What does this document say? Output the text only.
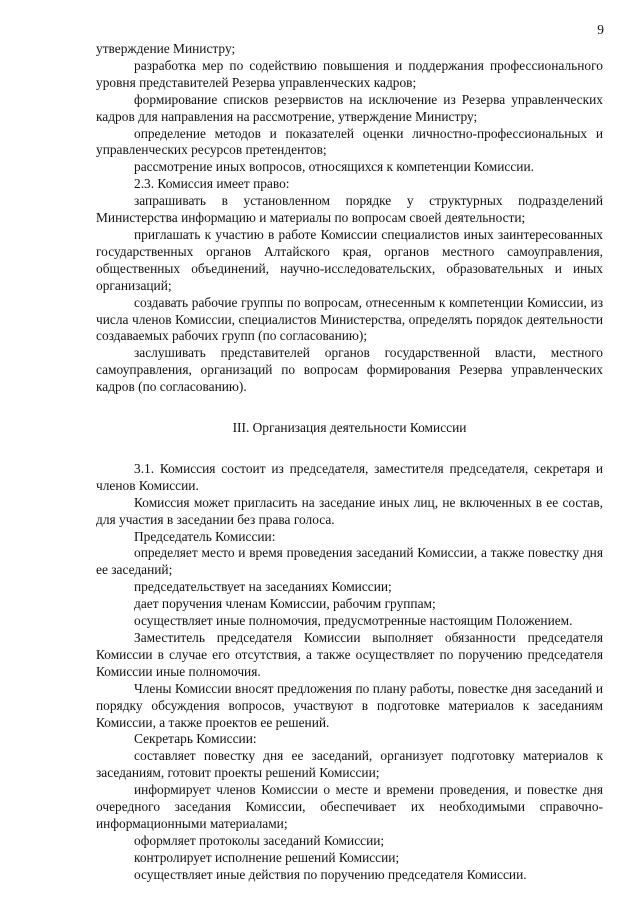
9

утверждение Министру;

разработка мер по содействию повышения и поддержания профессионального уровня представителей Резерва управленческих кадров;

формирование списков резервистов на исключение из Резерва управленческих кадров для направления на рассмотрение, утверждение Министру;

определение методов и показателей оценки личностно-профессиональных и управленческих ресурсов претендентов;

рассмотрение иных вопросов, относящихся к компетенции Комиссии.

2.3. Комиссия имеет право:

запрашивать в установленном порядке у структурных подразделений Министерства информацию и материалы по вопросам своей деятельности;

приглашать к участию в работе Комиссии специалистов иных заинтересованных государственных органов Алтайского края, органов местного самоуправления, общественных объединений, научно-исследовательских, образовательных и иных организаций;

создавать рабочие группы по вопросам, отнесенным к компетенции Комиссии, из числа членов Комиссии, специалистов Министерства, определять порядок деятельности создаваемых рабочих групп (по согласованию);

заслушивать представителей органов государственной власти, местного самоуправления, организаций по вопросам формирования Резерва управленческих кадров (по согласованию).

III. Организация деятельности Комиссии

3.1. Комиссия состоит из председателя, заместителя председателя, секретаря и членов Комиссии.

Комиссия может пригласить на заседание иных лиц, не включенных в ее состав, для участия в заседании без права голоса.

Председатель Комиссии:

определяет место и время проведения заседаний Комиссии, а также повестку дня ее заседаний;

председательствует на заседаниях Комиссии;

дает поручения членам Комиссии, рабочим группам;

осуществляет иные полномочия, предусмотренные настоящим Положением.

Заместитель председателя Комиссии выполняет обязанности председателя Комиссии в случае его отсутствия, а также осуществляет по поручению председателя Комиссии иные полномочия.

Члены Комиссии вносят предложения по плану работы, повестке дня заседаний и порядку обсуждения вопросов, участвуют в подготовке материалов к заседаниям Комиссии, а также проектов ее решений.

Секретарь Комиссии:

составляет повестку дня ее заседаний, организует подготовку материалов к заседаниям, готовит проекты решений Комиссии;

информирует членов Комиссии о месте и времени проведения, и повестке дня очередного заседания Комиссии, обеспечивает их необходимыми справочно-информационными материалами;

оформляет протоколы заседаний Комиссии;

контролирует исполнение решений Комиссии;

осуществляет иные действия по поручению председателя Комиссии.
